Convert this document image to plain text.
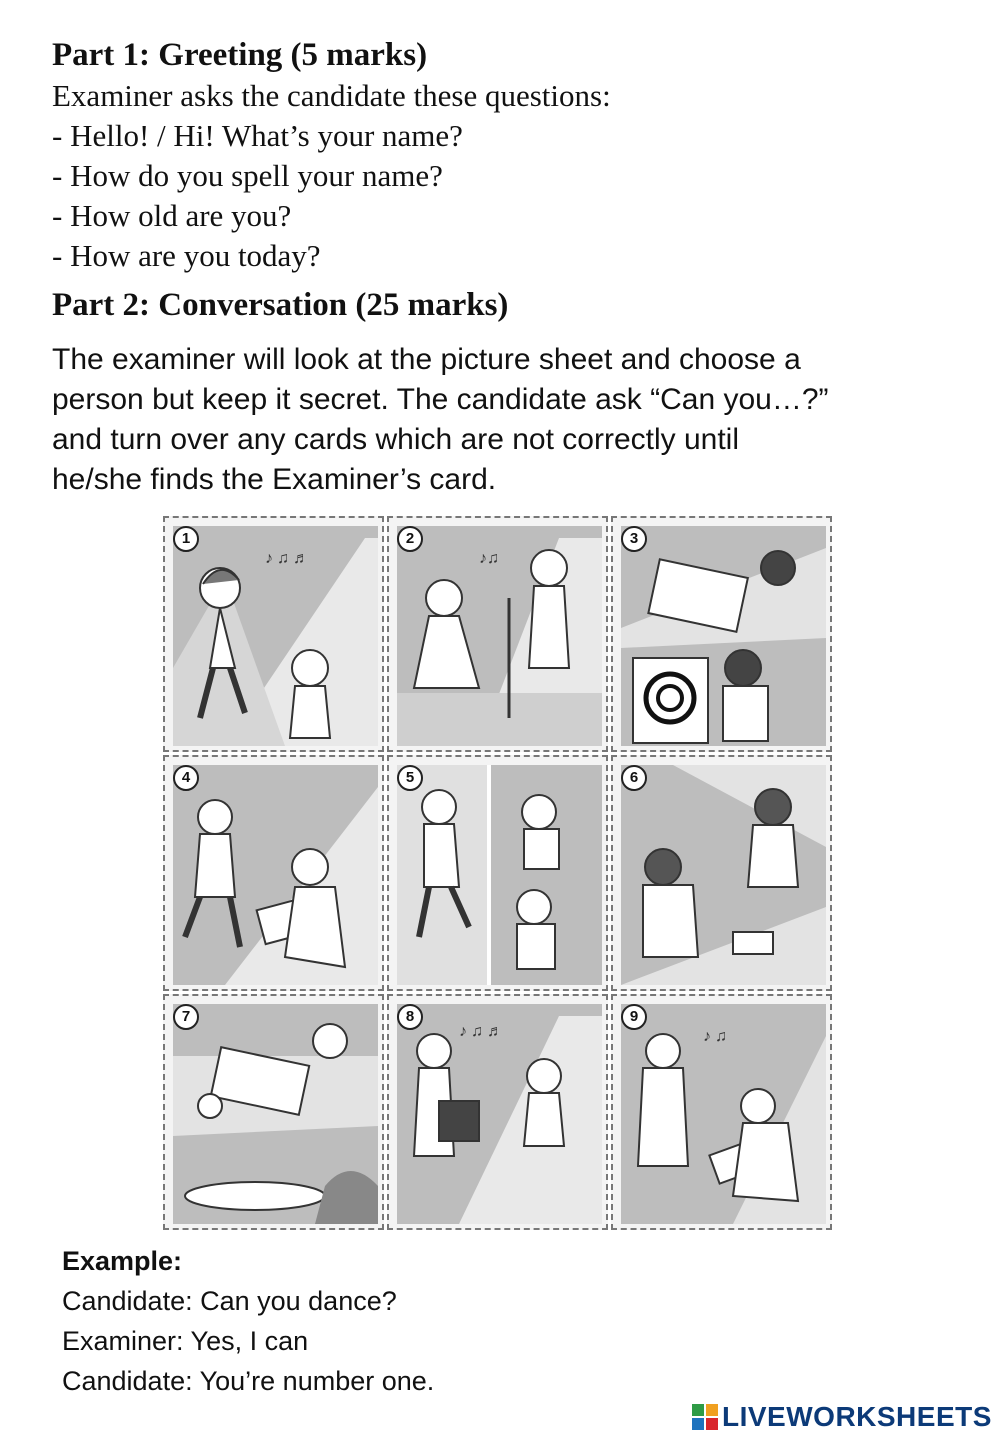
Part 1: Greeting (5 marks)

Examiner asks the candidate these questions:

- Hello! / Hi! What’s your name?

- How do you spell your name?

- How old are you?

- How are you today?

Part 2: Conversation (25 marks)
The examiner will look at the picture sheet and choose a
person but keep it secret. The candidate ask “Can you…?”
and turn over any cards which are not correctly until
he/she finds the Examiner’s card.
♪ ♫ ♬
1
♪♫
2	3
4	5	6
7
♪ ♫ ♬
8
♪ ♫
9

Example:

Candidate: Can you dance?

Examiner: Yes, I can

Candidate: You’re number one.

LIVEWORKSHEETS
